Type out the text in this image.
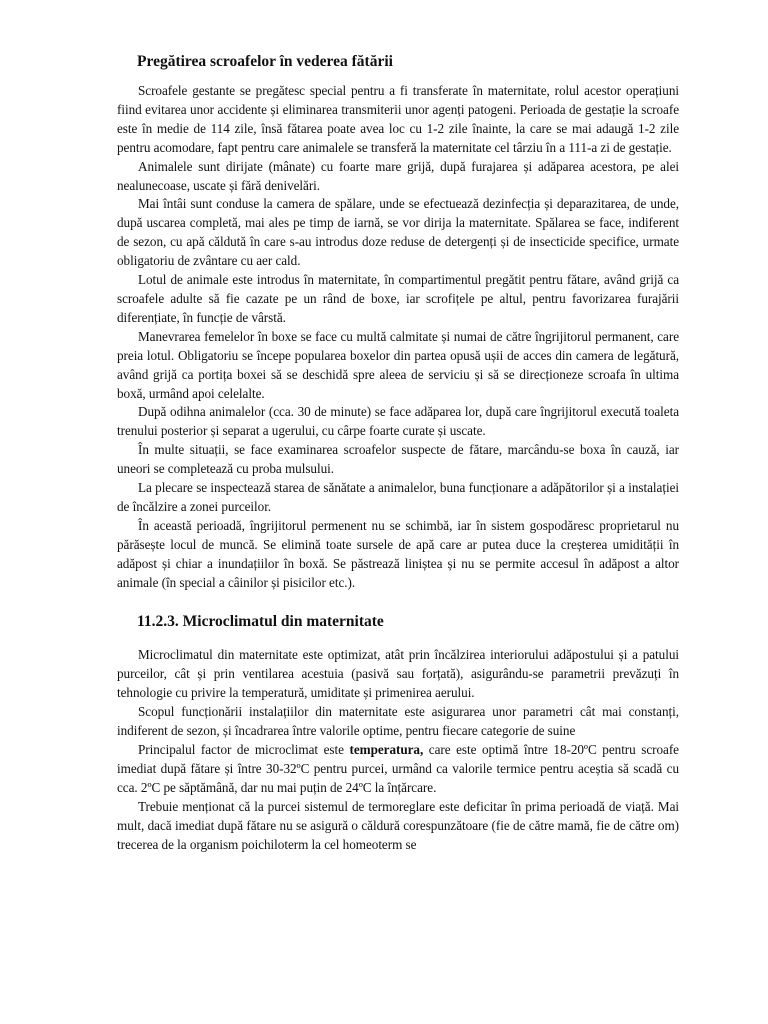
Pregătirea scroafelor în vederea fătării

Scroafele gestante se pregătesc special pentru a fi transferate în maternitate, rolul acestor operațiuni fiind evitarea unor accidente și eliminarea transmiterii unor agenți patogeni. Perioada de gestație la scroafe este în medie de 114 zile, însă fătarea poate avea loc cu 1-2 zile înainte, la care se mai adaugă 1-2 zile pentru acomodare, fapt pentru care animalele se transferă la maternitate cel târziu în a 111-a zi de gestație.

Animalele sunt dirijate (mânate) cu foarte mare grijă, după furajarea și adăparea acestora, pe alei nealunecoase, uscate și fără denivelări.

Mai întâi sunt conduse la camera de spălare, unde se efectuează dezinfecția și deparazitarea, de unde, după uscarea completă, mai ales pe timp de iarnă, se vor dirija la maternitate. Spălarea se face, indiferent de sezon, cu apă căldută în care s-au introdus doze reduse de detergenți și de insecticide specifice, urmate obligatoriu de zvântare cu aer cald.

Lotul de animale este introdus în maternitate, în compartimentul pregătit pentru fătare, având grijă ca scroafele adulte să fie cazate pe un rând de boxe, iar scrofițele pe altul, pentru favorizarea furajării diferențiate, în funcție de vârstă.

Manevrarea femelelor în boxe se face cu multă calmitate și numai de către îngrijitorul permanent, care preia lotul. Obligatoriu se începe popularea boxelor din partea opusă ușii de acces din camera de legătură, având grijă ca portița boxei să se deschidă spre aleea de serviciu și să se direcționeze scroafa în ultima boxă, urmând apoi celelalte.

După odihna animalelor (cca. 30 de minute) se face adăparea lor, după care îngrijitorul execută toaleta trenului posterior și separat a ugerului, cu cârpe foarte curate și uscate.

În multe situații, se face examinarea scroafelor suspecte de fătare, marcându-se boxa în cauză, iar uneori se completează cu proba mulsului.

La plecare se inspectează starea de sănătate a animalelor, buna funcționare a adăpătorilor și a instalației de încălzire a zonei purceilor.

În această perioadă, îngrijitorul permenent nu se schimbă, iar în sistem gospodăresc proprietarul nu părăsește locul de muncă. Se elimină toate sursele de apă care ar putea duce la creșterea umidității în adăpost și chiar a inundațiilor în boxă. Se păstrează liniștea și nu se permite accesul în adăpost a altor animale (în special a câinilor și pisicilor etc.).

11.2.3. Microclimatul din maternitate

Microclimatul din maternitate este optimizat, atât prin încălzirea interiorului adăpostului și a patului purceilor, cât și prin ventilarea acestuia (pasivă sau forțată), asigurându-se parametrii prevăzuți în tehnologie cu privire la temperatură, umiditate și primenirea aerului.

Scopul funcționării instalațiilor din maternitate este asigurarea unor parametri cât mai constanți, indiferent de sezon, și încadrarea între valorile optime, pentru fiecare categorie de suine

Principalul factor de microclimat este temperatura, care este optimă între 18-20ºC pentru scroafe imediat după fătare și între 30-32ºC pentru purcei, urmând ca valorile termice pentru aceștia să scadă cu cca. 2ºC pe săptămână, dar nu mai puțin de 24ºC la înțărcare.

Trebuie menționat că la purcei sistemul de termoreglare este deficitar în prima perioadă de viață. Mai mult, dacă imediat după fătare nu se asigură o căldură corespunzătoare (fie de către mamă, fie de către om) trecerea de la organism poichiloterm la cel homeoterm se
